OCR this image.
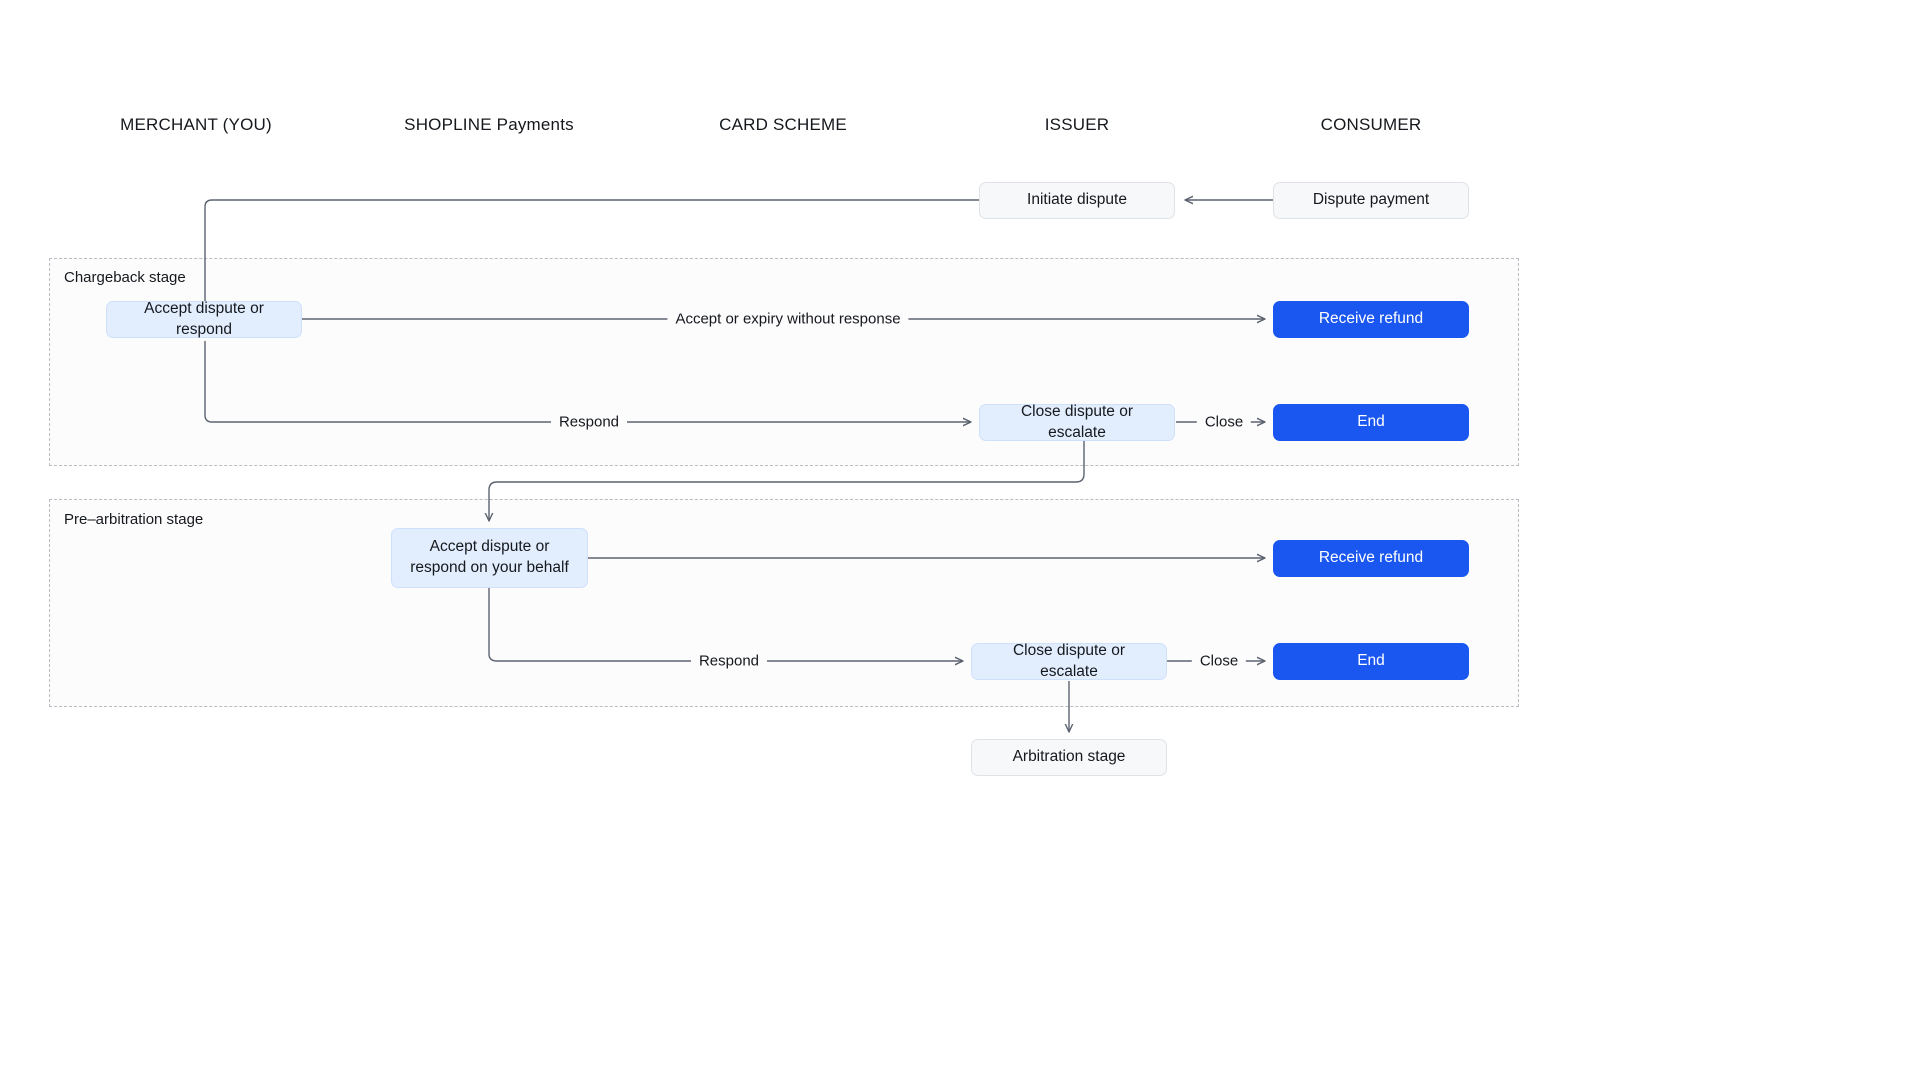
MERCHANT (YOU)	SHOPLINE Payments	CARD SCHEME	ISSUER	CONSUMER
Chargeback stage
Pre–arbitration stage
Initiate dispute	Dispute payment
Accept dispute or respond
Receive refund
Close dispute or escalate
End
Accept dispute or respond on your behalf
Receive refund
Close dispute or escalate
End
Arbitration stage
Accept or expiry without response
Respond	Close
Respond	Close
